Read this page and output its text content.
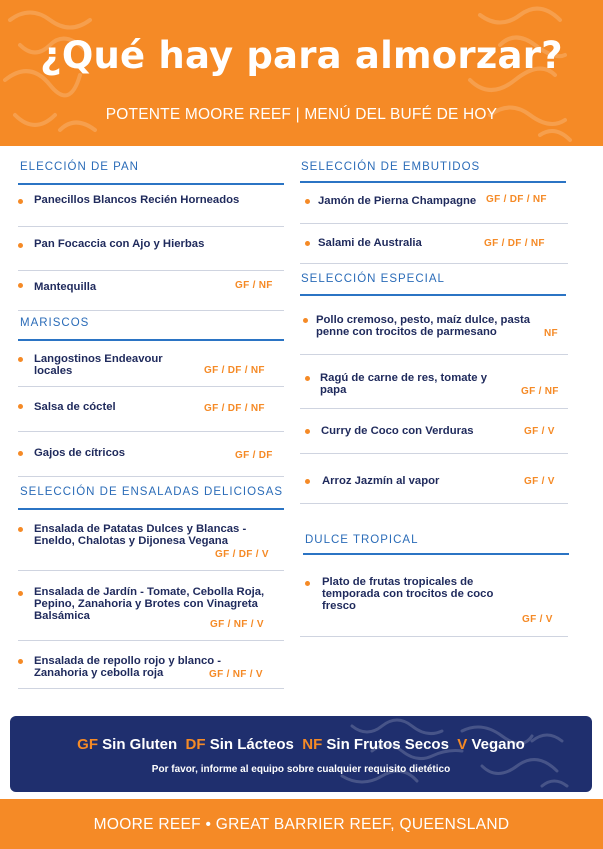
¿Qué hay para almorzar?
POTENTE MOORE REEF | MENÚ DEL BUFÉ DE HOY
ELECCIÓN DE PAN
Panecillos Blancos Recién Horneados
Pan Focaccia con Ajo y Hierbas
Mantequilla	GF / NF
MARISCOS
Langostinos Endeavour locales	GF / DF / NF
Salsa de cóctel	GF / DF / NF
Gajos de cítricos	GF / DF
SELECCIÓN DE ENSALADAS DELICIOSAS
Ensalada de Patatas Dulces y Blancas - Eneldo, Chalotas y Dijonesa Vegana
GF / DF / V
Ensalada de Jardín - Tomate, Cebolla Roja, Pepino, Zanahoria y Brotes con Vinagreta Balsámica
GF / NF / V
Ensalada de repollo rojo y blanco - Zanahoria y cebolla roja	GF / NF / V
SELECCIÓN DE EMBUTIDOS
Jamón de Pierna Champagne GF / DF / NF
Salami de Australia	GF / DF / NF
SELECCIÓN ESPECIAL
Pollo cremoso, pesto, maíz dulce, pasta penne con trocitos de parmesano	NF
Ragú de carne de res, tomate y papa	GF / NF
Curry de Coco con Verduras	GF / V
Arroz Jazmín al vapor	GF / V
DULCE TROPICAL
Plato de frutas tropicales de temporada con trocitos de coco fresco
GF / V
GF Sin Gluten DF Sin Lácteos NF Sin Frutos Secos V Vegano
Por favor, informe al equipo sobre cualquier requisito dietético
MOORE REEF • GREAT BARRIER REEF, QUEENSLAND
